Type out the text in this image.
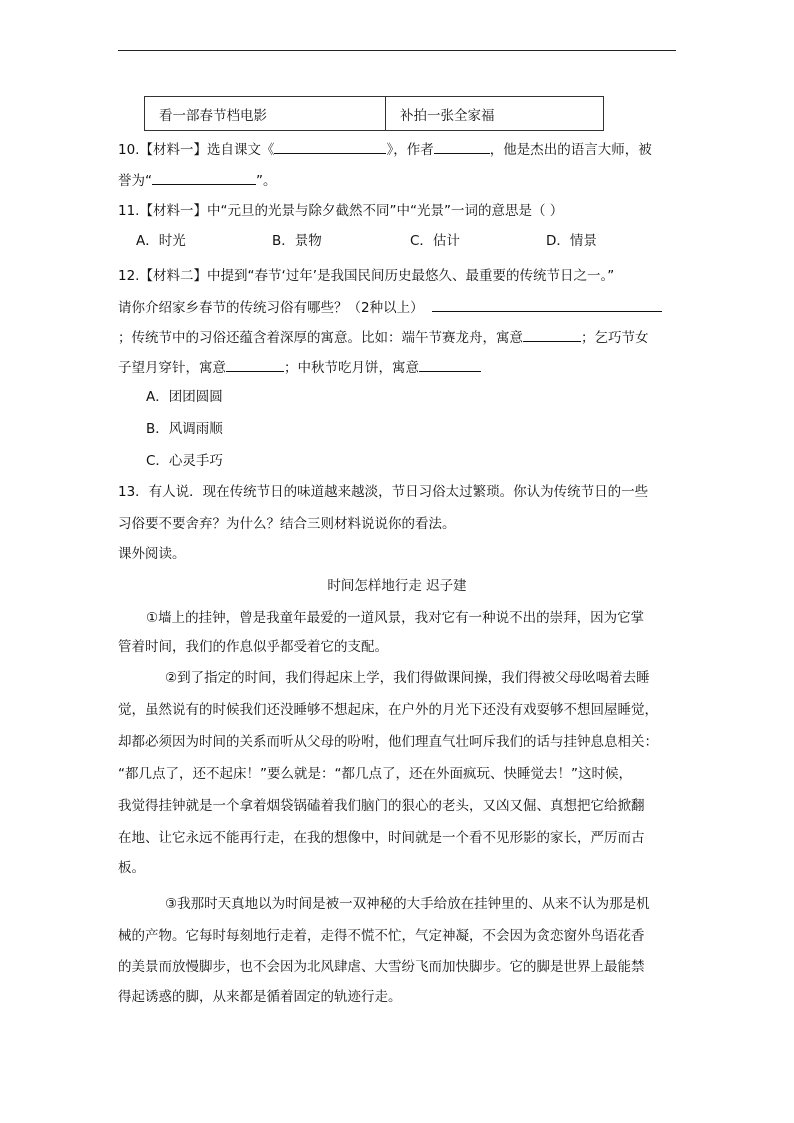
看一部春节档电影	补拍一张全家福
10.【材料一】选自课文《	》，作者	，他是杰出的语言大师，被
誉为“	”。
11.【材料一】中“元旦的光景与除夕截然不同”中“光景”一词的意思是（ ）
A．时光	B．景物	C．估计	D．情景
12.【材料二】中提到“春节‘过年’是我国民间历史最悠久、最重要的传统节日之一。”
请你介绍家乡春节的传统习俗有哪些？（2种以上）
；传统节中的习俗还蕴含着深厚的寓意。比如：端午节赛龙舟，寓意	；乞巧节女
子望月穿针，寓意	；中秋节吃月饼，寓意
A．团团圆圆
B．风调雨顺
C．心灵手巧
13．有人说．现在传统节日的味道越来越淡，节日习俗太过繁琐。你认为传统节日的一些
习俗要不要舍弃？为什么？结合三则材料说说你的看法。
课外阅读。
时间怎样地行走 迟子建
①墙上的挂钟，曾是我童年最爱的一道风景，我对它有一种说不出的崇拜，因为它掌
管着时间，我们的作息似乎都受着它的支配。
②到了指定的时间，我们得起床上学，我们得做课间操，我们得被父母吆喝着去睡
觉，虽然说有的时候我们还没睡够不想起床，在户外的月光下还没有戏耍够不想回屋睡觉，
却都必须因为时间的关系而听从父母的吩咐，他们理直气壮呵斥我们的话与挂钟息息相关：
“都几点了，还不起床！”要么就是：“都几点了，还在外面疯玩、快睡觉去！”这时候，
我觉得挂钟就是一个拿着烟袋锅磕着我们脑门的狠心的老头，又凶又倔、真想把它给掀翻
在地、让它永远不能再行走，在我的想像中，时间就是一个看不见形影的家长，严厉而古
板。
③我那时天真地以为时间是被一双神秘的大手给放在挂钟里的、从来不认为那是机
械的产物。它每时每刻地行走着，走得不慌不忙，气定神凝，不会因为贪恋窗外鸟语花香
的美景而放慢脚步，也不会因为北风肆虐、大雪纷飞而加快脚步。它的脚是世界上最能禁
得起诱惑的脚，从来都是循着固定的轨迹行走。
